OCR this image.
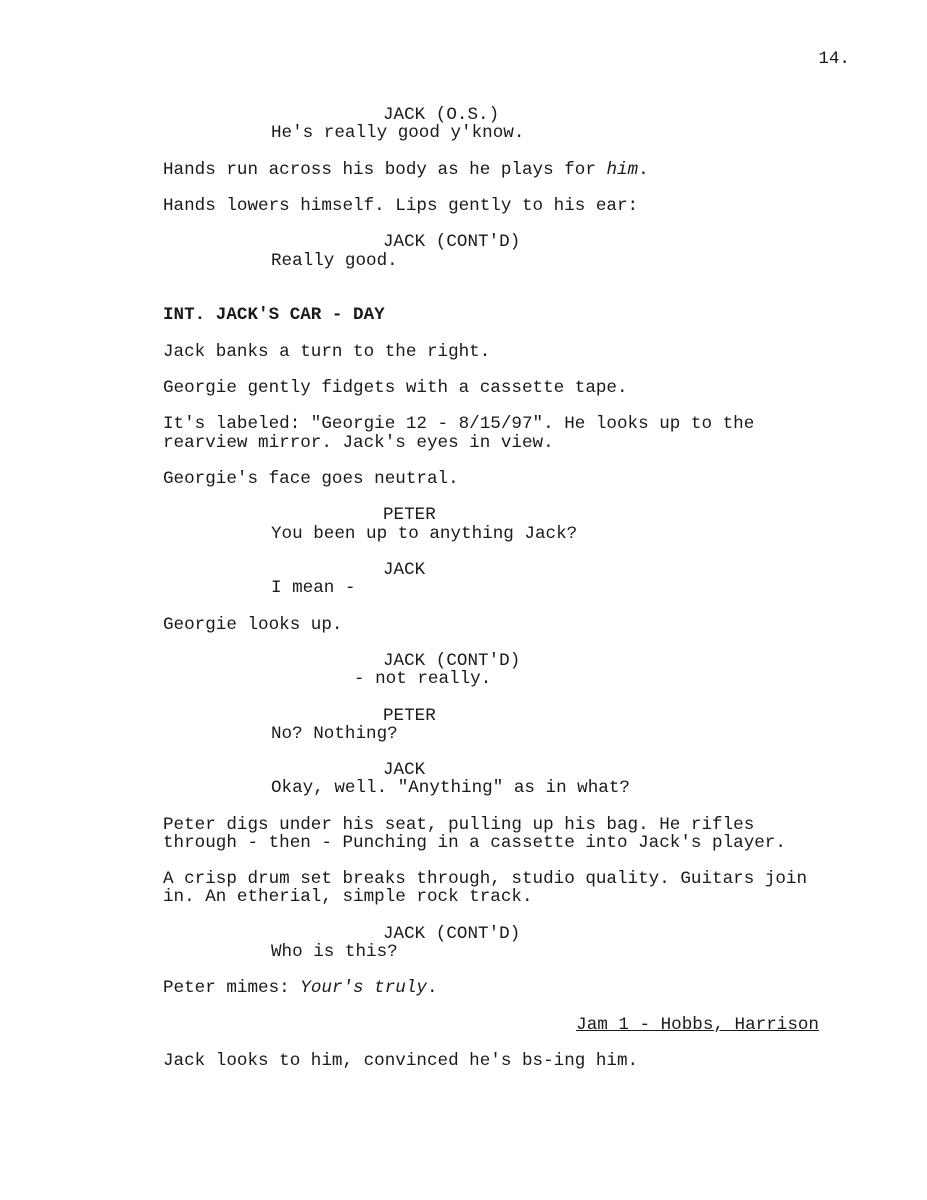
14.

JACK (O.S.)

He's really good y'know.

Hands run across his body as he plays for him.

Hands lowers himself. Lips gently to his ear:

JACK (CONT'D)

Really good.

INT. JACK'S CAR - DAY

Jack banks a turn to the right.

Georgie gently fidgets with a cassette tape.

It's labeled: "Georgie 12 - 8/15/97". He looks up to the rearview mirror. Jack's eyes in view.

Georgie's face goes neutral.

PETER

You been up to anything Jack?

JACK

I mean -

Georgie looks up.

JACK (CONT'D)

- not really.

PETER

No? Nothing?

JACK

Okay, well. "Anything" as in what?

Peter digs under his seat, pulling up his bag. He rifles through - then - Punching in a cassette into Jack's player.

A crisp drum set breaks through, studio quality. Guitars join in. An etherial, simple rock track.

JACK (CONT'D)

Who is this?

Peter mimes: Your's truly.

Jam 1 - Hobbs, Harrison

Jack looks to him, convinced he's bs-ing him.
